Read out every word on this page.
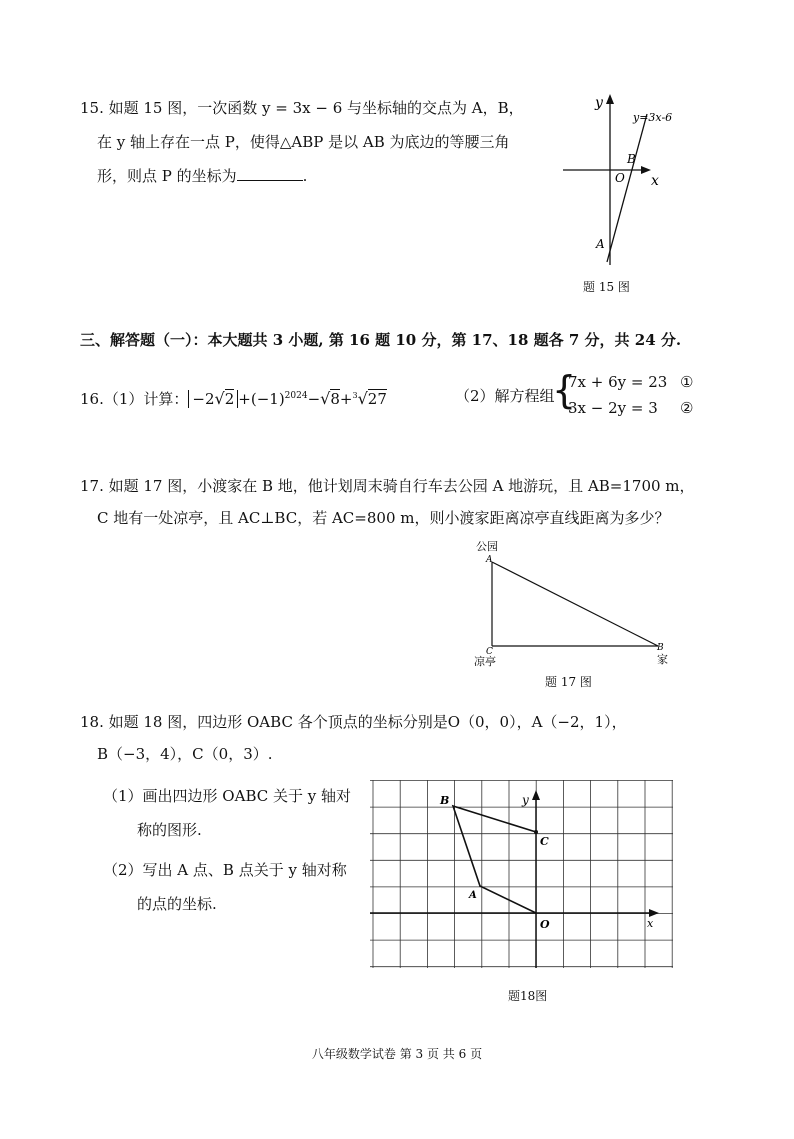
15. 如题 15 图，一次函数 y = 3x − 6 与坐标轴的交点为 A，B，
在 y 轴上存在一点 P，使得△ABP 是以 AB 为底边的等腰三角
形，则点 P 的坐标为	.
y
x
y=3x-6
B
O
A
题 15 图
三、解答题（一）：本大题共 3 小题, 第 16 题 10 分，第 17、18 题各 7 分，共 24 分.
16.（1）计算： $-2√2 +(-1)^{2024}-√8+^3√27$	（2）解方程组
{
7x + 6y = 23
3x − 2y = 3
①
②
17. 如题 17 图，小渡家在 B 地，他计划周末骑自行车去公园 A 地游玩，且 AB=1700 m，
C 地有一处凉亭，且 AC⊥BC，若 AC=800 m，则小渡家距离凉亭直线距离为多少？
公园
A
C
凉亭
B
家
题 17 图
18. 如题 18 图，四边形 OABC 各个顶点的坐标分别是O（0，0），A（−2，1），
B（−3，4），C（0，3）.
（1）画出四边形 OABC 关于 y 轴对
称的图形.
（2）写出 A 点、B 点关于 y 轴对称
的点的坐标.
B	y
C
A
O	x
题18图
八年级数学试卷 第 3 页 共 6 页
